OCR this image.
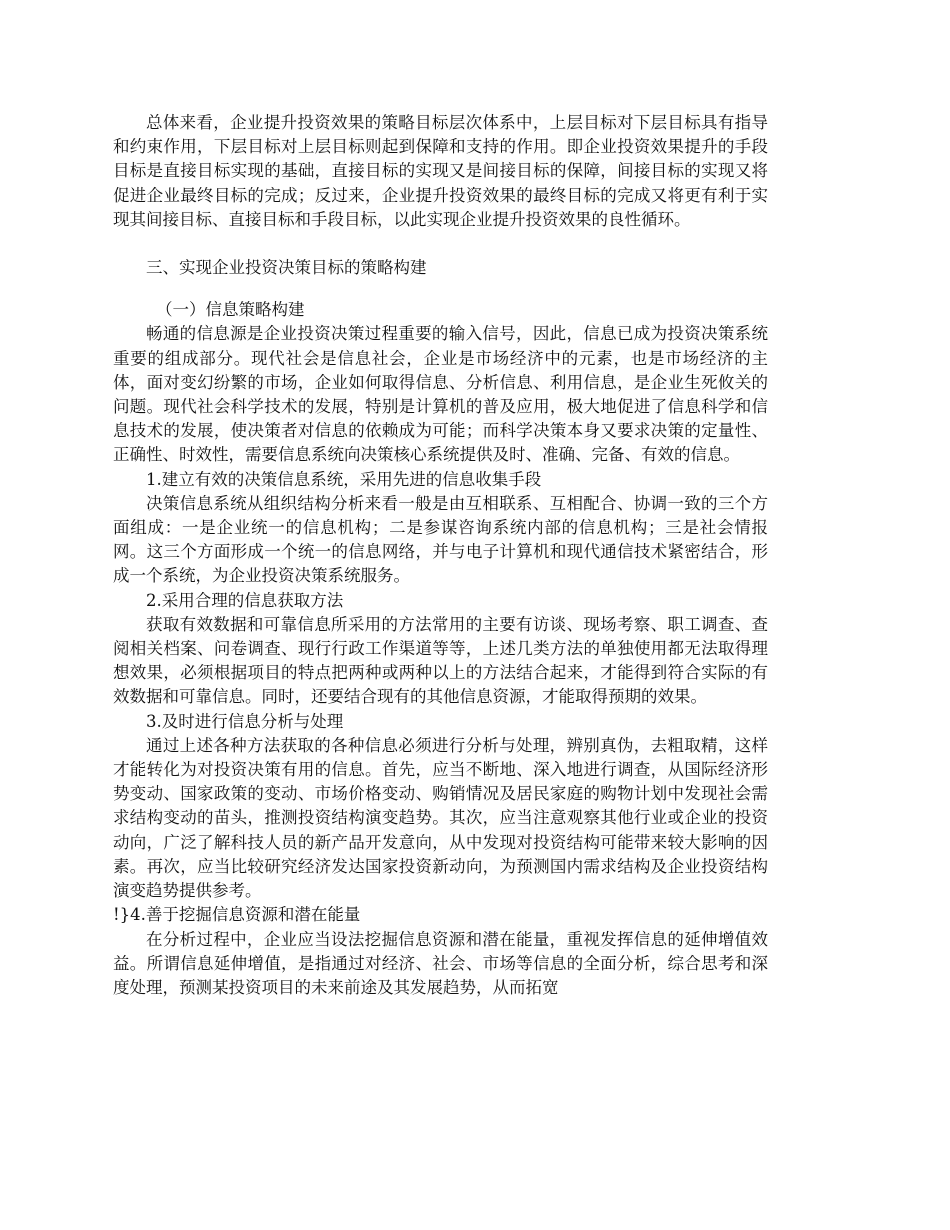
总体来看，企业提升投资效果的策略目标层次体系中，上层目标对下层目标具有指导和约束作用，下层目标对上层目标则起到保障和支持的作用。即企业投资效果提升的手段目标是直接目标实现的基础，直接目标的实现又是间接目标的保障，间接目标的实现又将促进企业最终目标的完成；反过来，企业提升投资效果的最终目标的完成又将更有利于实现其间接目标、直接目标和手段目标，以此实现企业提升投资效果的良性循环。

三、实现企业投资决策目标的策略构建

（一）信息策略构建

畅通的信息源是企业投资决策过程重要的输入信号，因此，信息已成为投资决策系统重要的组成部分。现代社会是信息社会，企业是市场经济中的元素，也是市场经济的主体，面对变幻纷繁的市场，企业如何取得信息、分析信息、利用信息，是企业生死攸关的问题。现代社会科学技术的发展，特别是计算机的普及应用，极大地促进了信息科学和信息技术的发展，使决策者对信息的依赖成为可能；而科学决策本身又要求决策的定量性、正确性、时效性，需要信息系统向决策核心系统提供及时、准确、完备、有效的信息。

1.建立有效的决策信息系统，采用先进的信息收集手段

决策信息系统从组织结构分析来看一般是由互相联系、互相配合、协调一致的三个方面组成：一是企业统一的信息机构；二是参谋咨询系统内部的信息机构；三是社会情报网。这三个方面形成一个统一的信息网络，并与电子计算机和现代通信技术紧密结合，形成一个系统，为企业投资决策系统服务。

2.采用合理的信息获取方法

获取有效数据和可靠信息所采用的方法常用的主要有访谈、现场考察、职工调查、查阅相关档案、问卷调查、现行行政工作渠道等等，上述几类方法的单独使用都无法取得理想效果，必须根据项目的特点把两种或两种以上的方法结合起来，才能得到符合实际的有效数据和可靠信息。同时，还要结合现有的其他信息资源，才能取得预期的效果。

3.及时进行信息分析与处理

通过上述各种方法获取的各种信息必须进行分析与处理，辨别真伪，去粗取精，这样才能转化为对投资决策有用的信息。首先，应当不断地、深入地进行调查，从国际经济形势变动、国家政策的变动、市场价格变动、购销情况及居民家庭的购物计划中发现社会需求结构变动的苗头，推测投资结构演变趋势。其次，应当注意观察其他行业或企业的投资动向，广泛了解科技人员的新产品开发意向，从中发现对投资结构可能带来较大影响的因素。再次，应当比较研究经济发达国家投资新动向，为预测国内需求结构及企业投资结构演变趋势提供参考。

!}4.善于挖掘信息资源和潜在能量

在分析过程中，企业应当设法挖掘信息资源和潜在能量，重视发挥信息的延伸增值效益。所谓信息延伸增值，是指通过对经济、社会、市场等信息的全面分析，综合思考和深度处理，预测某投资项目的未来前途及其发展趋势，从而拓宽
